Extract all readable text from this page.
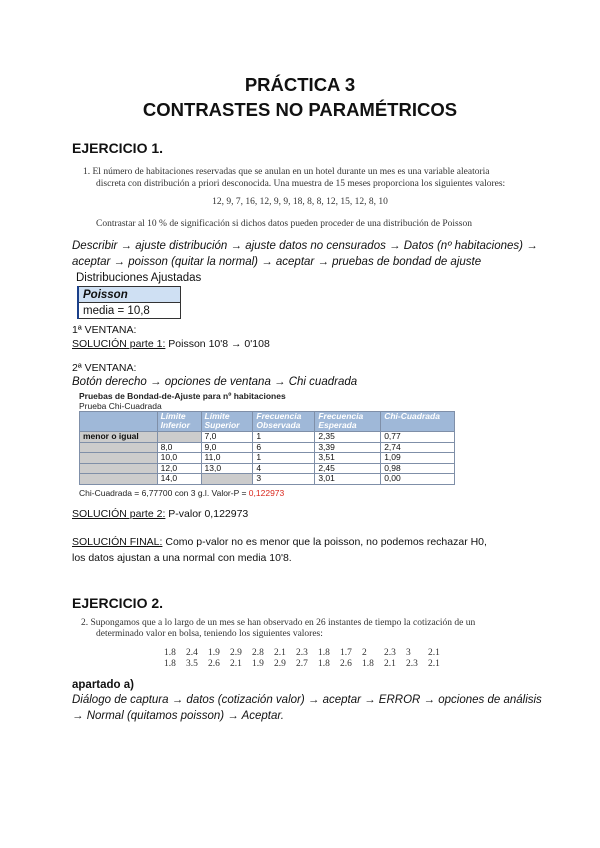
PRÁCTICA 3
CONTRASTES NO PARAMÉTRICOS
EJERCICIO 1.
1. El número de habitaciones reservadas que se anulan en un hotel durante un mes es una variable aleatoria
discreta con distribución a priori desconocida. Una muestra de 15 meses proporciona los siguientes valores:
12, 9, 7, 16, 12, 9, 9, 18, 8, 8, 12, 15, 12, 8, 10
Contrastar al 10 % de significación si dichos datos pueden proceder de una distribución de Poisson
Describir → ajuste distribución → ajuste datos no censurados → Datos (nº habitaciones) →
aceptar → poisson (quitar la normal) → aceptar → pruebas de bondad de ajuste
Distribuciones Ajustadas
Poisson
media = 10,8
1ª VENTANA:
SOLUCIÓN parte 1: Poisson 10'8 → 0'108
2ª VENTANA:
Botón derecho → opciones de ventana → Chi cuadrada
Pruebas de Bondad-de-Ajuste para nº habitaciones
Prueba Chi-Cuadrada
	Límite Inferior	Límite Superior	Frecuencia Observada	Frecuencia Esperada	Chi-Cuadrada
menor o igual		7,0	1	2,35	0,77
	8,0	9,0	6	3,39	2,74
	10,0	11,0	1	3,51	1,09
	12,0	13,0	4	2,45	0,98
	14,0		3	3,01	0,00
Chi-Cuadrada = 6,77700 con 3 g.l. Valor-P = 0,122973
SOLUCIÓN parte 2: P-valor 0,122973
SOLUCIÓN FINAL: Como p-valor no es menor que la poisson, no podemos rechazar H0,
los datos ajustan a una normal con media 10'8.
EJERCICIO 2.
2. Supongamos que a lo largo de un mes se han observado en 26 instantes de tiempo la cotización de un
determinado valor en bolsa, teniendo los siguientes valores:
1.8 2.4 1.9 2.9 2.8 2.1 2.3 1.8 1.7 2 2.3 3 2.1
1.8 3.5 2.6 2.1 1.9 2.9 2.7 1.8 2.6 1.8 2.1 2.3 2.1
apartado a)
Diálogo de captura → datos (cotización valor) → aceptar → ERROR → opciones de análisis
→ Normal (quitamos poisson) → Aceptar.
